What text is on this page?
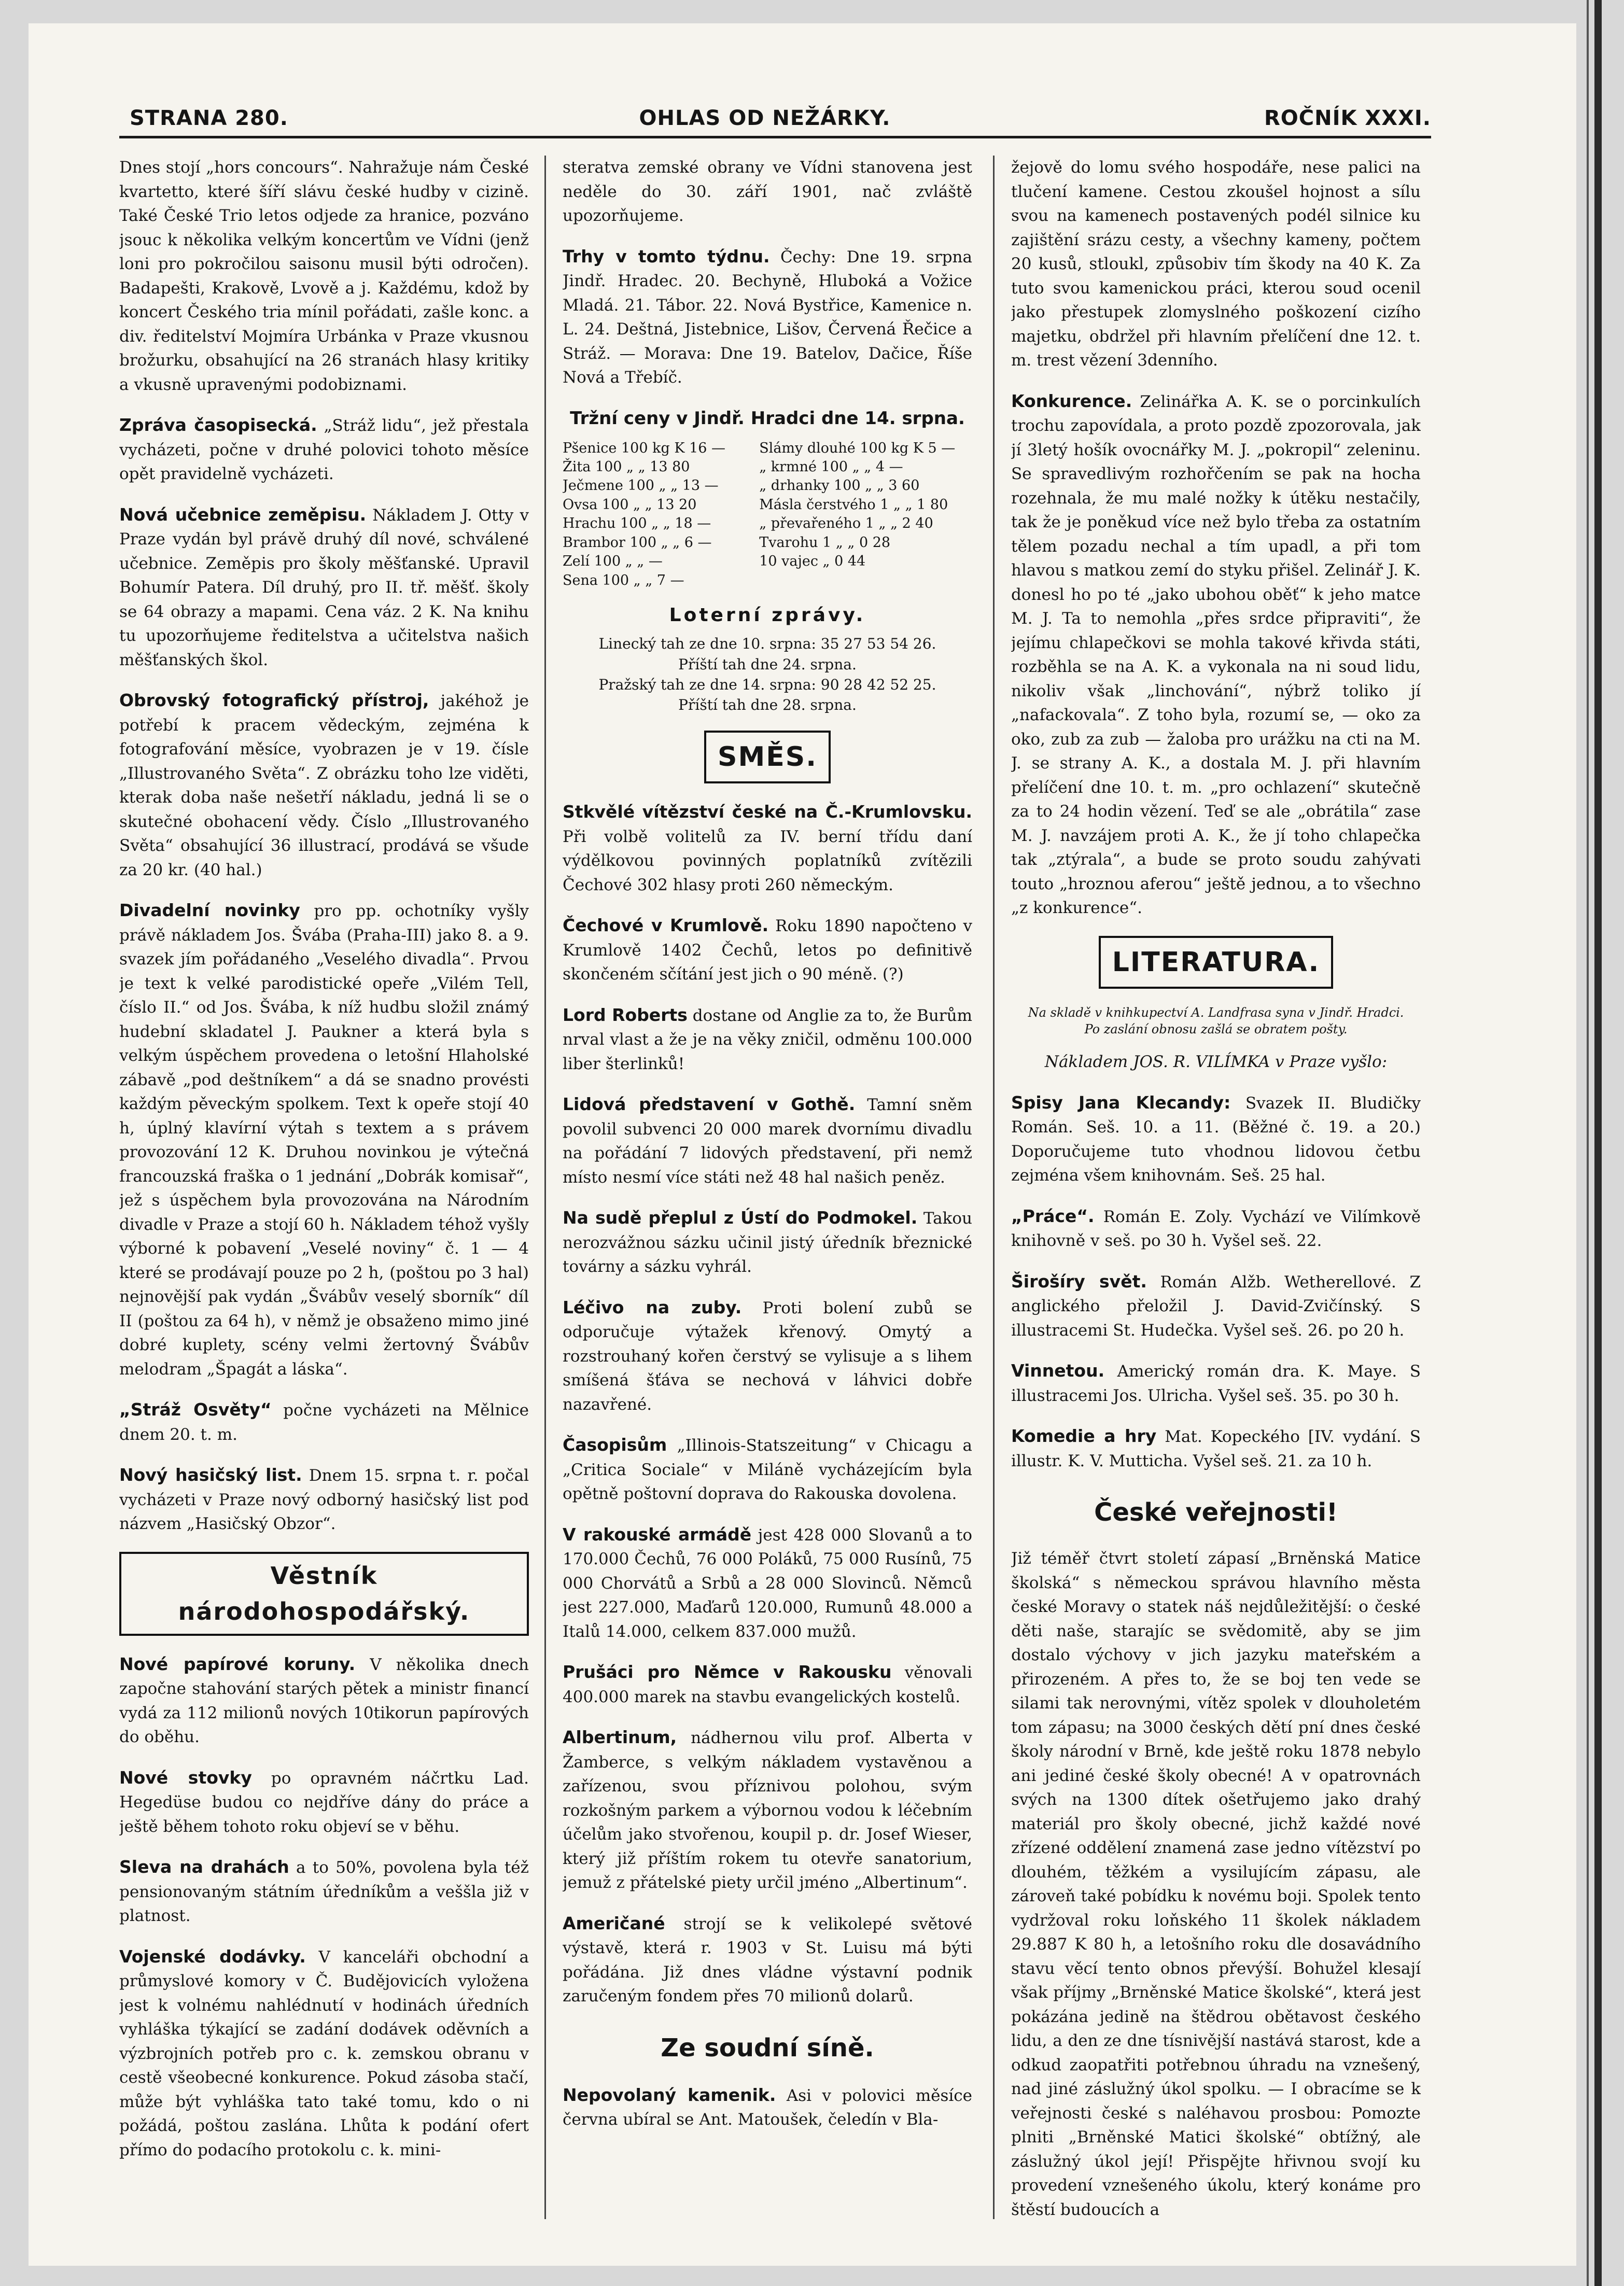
STRANA 280.	OHLAS OD NEŽÁRKY.	ROČNÍK XXXI.

Dnes stojí „hors concours“. Nahražuje nám České kvartetto, které šíří slávu české hudby v cizině. Také České Trio letos odjede za hranice, pozváno jsouc k několika velkým koncertům ve Vídni (jenž loni pro pokročilou saisonu musil býti odročen). Badapešti, Krakově, Lvově a j. Každému, kdož by koncert Českého tria mínil pořádati, zašle konc. a div. ředitelství Mojmíra Urbánka v Praze vkusnou brožurku, obsahující na 26 stranách hlasy kritiky a vkusně upravenými podobiznami.

Zpráva časopisecká. „Stráž lidu“, jež přestala vycházeti, počne v druhé polovici tohoto měsíce opět pravidelně vycházeti.

Nová učebnice zeměpisu. Nákladem J. Otty v Praze vydán byl právě druhý díl nové, schválené učebnice. Zeměpis pro školy měšťanské. Upravil Bohumír Patera. Díl druhý, pro II. tř. měšť. školy se 64 obrazy a mapami. Cena váz. 2 K. Na knihu tu upozorňujeme ředitelstva a učitelstva našich měšťanských škol.

Obrovský fotografický přístroj, jakéhož je potřebí k pracem vědeckým, zejména k fotografování měsíce, vyobrazen je v 19. čísle „Illustrovaného Světa“. Z obrázku toho lze viděti, kterak doba naše nešetří nákladu, jedná li se o skutečné obohacení vědy. Číslo „Illustrovaného Světa“ obsahující 36 illustrací, prodává se všude za 20 kr. (40 hal.)

Divadelní novinky pro pp. ochotníky vyšly právě nákladem Jos. Švába (Praha-III) jako 8. a 9. svazek jím pořádaného „Veselého divadla“. Prvou je text k velké parodistické opeře „Vilém Tell, číslo II.“ od Jos. Švába, k níž hudbu složil známý hudební skladatel J. Paukner a která byla s velkým úspěchem provedena o letošní Hlaholské zábavě „pod deštníkem“ a dá se snadno provésti každým pěveckým spolkem. Text k opeře stojí 40 h, úplný klavírní výtah s textem a s právem provozování 12 K. Druhou novinkou je výtečná francouzská fraška o 1 jednání „Dobrák komisař“, jež s úspěchem byla provozována na Národním divadle v Praze a stojí 60 h. Nákladem téhož vyšly výborné k pobavení „Veselé noviny“ č. 1 — 4 které se prodávají pouze po 2 h, (poštou po 3 hal) nejnovější pak vydán „Švábův veselý sborník“ díl II (poštou za 64 h), v němž je obsaženo mimo jiné dobré kuplety, scény velmi žertovný Švábův melodram „Špagát a láska“.

„Stráž Osvěty“ počne vycházeti na Mělnice dnem 20. t. m.

Nový hasičský list. Dnem 15. srpna t. r. počal vycházeti v Praze nový odborný hasičský list pod názvem „Hasičský Obzor“.

Věstník národohospodářský.

Nové papírové koruny. V několika dnech započne stahování starých pětek a ministr financí vydá za 112 milionů nových 10tikorun papírových do oběhu.

Nové stovky po opravném náčrtku Lad. Hegedüse budou co nejdříve dány do práce a ještě během tohoto roku objeví se v běhu.

Sleva na drahách a to 50%, povolena byla též pensionovaným státním úředníkům a veššla již v platnost.

Vojenské dodávky. V kanceláři obchodní a průmyslové komory v Č. Budějovicích vyložena jest k volnému nahlédnutí v hodinách úředních vyhláška týkající se zadání dodávek oděvních a výzbrojních potřeb pro c. k. zemskou obranu v cestě všeobecné konkurence. Pokud zásoba stačí, může být vyhláška tato také tomu, kdo o ni požádá, poštou zaslána. Lhůta k podání ofert přímo do podacího protokolu c. k. mini-

steratva zemské obrany ve Vídni stanovena jest neděle do 30. září 1901, nač zvláště upozorňujeme.

Trhy v tomto týdnu. Čechy: Dne 19. srpna Jindř. Hradec. 20. Bechyně, Hluboká a Vožice Mladá. 21. Tábor. 22. Nová Bystřice, Kamenice n. L. 24. Deštná, Jistebnice, Lišov, Červená Řečice a Stráž. — Morava: Dne 19. Batelov, Dačice, Říše Nová a Třebíč.

Tržní ceny v Jindř. Hradci dne 14. srpna.
Pšenice 100 kg K 16 —
Žita 100 „ „ 13 80
Ječmene 100 „ „ 13 —
Ovsa 100 „ „ 13 20
Hrachu 100 „ „ 18 —
Brambor 100 „ „ 6 —
Zelí 100 „ „ —
Sena 100 „ „ 7 —
Slámy dlouhé 100 kg K 5 —
„ krmné 100 „ „ 4 —
„ drhanky 100 „ „ 3 60
Másla čerstvého 1 „ „ 1 80
„ převařeného 1 „ „ 2 40
Tvarohu 1 „ „ 0 28
10 vajec „ 0 44
Loterní zprávy.
Linecký tah ze dne 10. srpna: 35 27 53 54 26.
Příští tah dne 24. srpna.
Pražský tah ze dne 14. srpna: 90 28 42 52 25.
Příští tah dne 28. srpna.
SMĚS.

Stkvělé vítězství české na Č.-Krumlovsku. Při volbě volitelů za IV. berní třídu daní výdělkovou povinných poplatníků zvítězili Čechové 302 hlasy proti 260 německým.

Čechové v Krumlově. Roku 1890 napočteno v Krumlově 1402 Čechů, letos po definitivě skončeném sčítání jest jich o 90 méně. (?)

Lord Roberts dostane od Anglie za to, že Burům nrval vlast a že je na věky zničil, odměnu 100.000 liber šterlinků!

Lidová představení v Gothě. Tamní sněm povolil subvenci 20 000 marek dvornímu divadlu na pořádání 7 lidových představení, při nemž místo nesmí více státi než 48 hal našich peněz.

Na sudě přeplul z Ústí do Podmokel. Takou nerozvážnou sázku učinil jistý úředník březnické továrny a sázku vyhrál.

Léčivo na zuby. Proti bolení zubů se odporučuje výtažek křenový. Omytý a rozstrouhaný kořen čerstvý se vylisuje a s lihem smíšená šťáva se nechová v láhvici dobře nazavřené.

Časopisům „Illinois-Statszeitung“ v Chicagu a „Critica Sociale“ v Miláně vycházejícím byla opětně poštovní doprava do Rakouska dovolena.

V rakouské armádě jest 428 000 Slovanů a to 170.000 Čechů, 76 000 Poláků, 75 000 Rusínů, 75 000 Chorvátů a Srbů a 28 000 Slovinců. Němců jest 227.000, Maďarů 120.000, Rumunů 48.000 a Italů 14.000, celkem 837.000 mužů.

Prušáci pro Němce v Rakousku věnovali 400.000 marek na stavbu evangelických kostelů.

Albertinum, nádhernou vilu prof. Alberta v Žamberce, s velkým nákladem vystavěnou a zařízenou, svou příznivou polohou, svým rozkošným parkem a výbornou vodou k léčebním účelům jako stvořenou, koupil p. dr. Josef Wieser, který již příštím rokem tu otevře sanatorium, jemuž z přátelské piety určil jméno „Albertinum“.

Američané strojí se k velikolepé světové výstavě, která r. 1903 v St. Luisu má býti pořádána. Již dnes vládne výstavní podnik zaručeným fondem přes 70 milionů dolarů.

Ze soudní síně.

Nepovolaný kamenik. Asi v polovici měsíce června ubíral se Ant. Matoušek, čeledín v Bla-

žejově do lomu svého hospodáře, nese palici na tlučení kamene. Cestou zkoušel hojnost a sílu svou na kamenech postavených podél silnice ku zajištění srázu cesty, a všechny kameny, počtem 20 kusů, stloukl, způsobiv tím škody na 40 K. Za tuto svou kamenickou práci, kterou soud ocenil jako přestupek zlomyslného poškození cizího majetku, obdržel při hlavním přelíčení dne 12. t. m. trest vězení 3denního.

Konkurence. Zelinářka A. K. se o porcinkulích trochu zapovídala, a proto pozdě zpozorovala, jak jí 3letý hošík ovocnářky M. J. „pokropil“ zeleninu. Se spravedlivým rozhořčením se pak na hocha rozehnala, že mu malé nožky k útěku nestačily, tak že je poněkud více než bylo třeba za ostatním tělem pozadu nechal a tím upadl, a při tom hlavou s matkou zemí do styku přišel. Zelinář J. K. donesl ho po té „jako ubohou oběť“ k jeho matce M. J. Ta to nemohla „přes srdce připraviti“, že jejímu chlapečkovi se mohla takové křivda státi, rozběhla se na A. K. a vykonala na ni soud lidu, nikoliv však „linchování“, nýbrž toliko jí „nafackovala“. Z toho byla, rozumí se, — oko za oko, zub za zub — žaloba pro urážku na cti na M. J. se strany A. K., a dostala M. J. při hlavním přelíčení dne 10. t. m. „pro ochlazení“ skutečně za to 24 hodin vězení. Teď se ale „obrátila“ zase M. J. navzájem proti A. K., že jí toho chlapečka tak „ztýrala“, a bude se proto soudu zahývati touto „hroznou aferou“ ještě jednou, a to všechno „z konkurence“.

LITERATURA.
Na skladě v knihkupectví A. Landfrasa syna v Jindř. Hradci.
Po zaslání obnosu zašlá se obratem pošty.

Nákladem JOS. R. VILÍMKA v Praze vyšlo:

Spisy Jana Klecandy: Svazek II. Bludičky Román. Seš. 10. a 11. (Běžné č. 19. a 20.) Doporučujeme tuto vhodnou lidovou četbu zejména všem knihovnám. Seš. 25 hal.

„Práce“. Román E. Zoly. Vychází ve Vilímkově knihovně v seš. po 30 h. Vyšel seš. 22.

Širošíry svět. Román Alžb. Wetherellové. Z anglického přeložil J. David-Zvičínský. S illustracemi St. Hudečka. Vyšel seš. 26. po 20 h.

Vinnetou. Americký román dra. K. Maye. S illustracemi Jos. Ulricha. Vyšel seš. 35. po 30 h.

Komedie a hry Mat. Kopeckého [IV. vydání. S illustr. K. V. Muttichа. Vyšel seš. 21. za 10 h.

České veřejnosti!

Již téměř čtvrt století zápasí „Brněnská Matice školská“ s německou správou hlavního města české Moravy o statek náš nejdůležitější: o české děti naše, starajíc se svědomitě, aby se jim dostalo výchovy v jich jazyku mateřském a přirozeném. A přes to, že se boj ten vede se silami tak nerovnými, vítěz spolek v dlouholetém tom zápasu; na 3000 českých dětí pní dnes české školy národní v Brně, kde ještě roku 1878 nebylo ani jediné české školy obecné! A v opatrovnách svých na 1300 dítek ošetřujemo jako drahý materiál pro školy obecné, jichž každé nové zřízené oddělení znamená zase jedno vítězství po dlouhém, těžkém a vysilujícím zápasu, ale zároveň také pobídku k novému boji. Spolek tento vydržoval roku loňského 11 školek nákladem 29.887 K 80 h, a letošního roku dle dosavádního stavu věcí tento obnos převýší. Bohužel klesají však příjmy „Brněnské Matice školské“, která jest pokázána jedině na štědrou obětavost českého lidu, a den ze dne tísnivější nastává starost, kde a odkud zaopatřiti potřebnou úhradu na vznešený, nad jiné záslužný úkol spolku. — I obracíme se k veřejnosti české s naléhavou prosbou: Pomozte plniti „Brněnské Matici školské“ obtížný, ale záslužný úkol její! Přispějte hřivnou svojí ku provedení vznešeného úkolu, který konáme pro štěstí budoucích a
